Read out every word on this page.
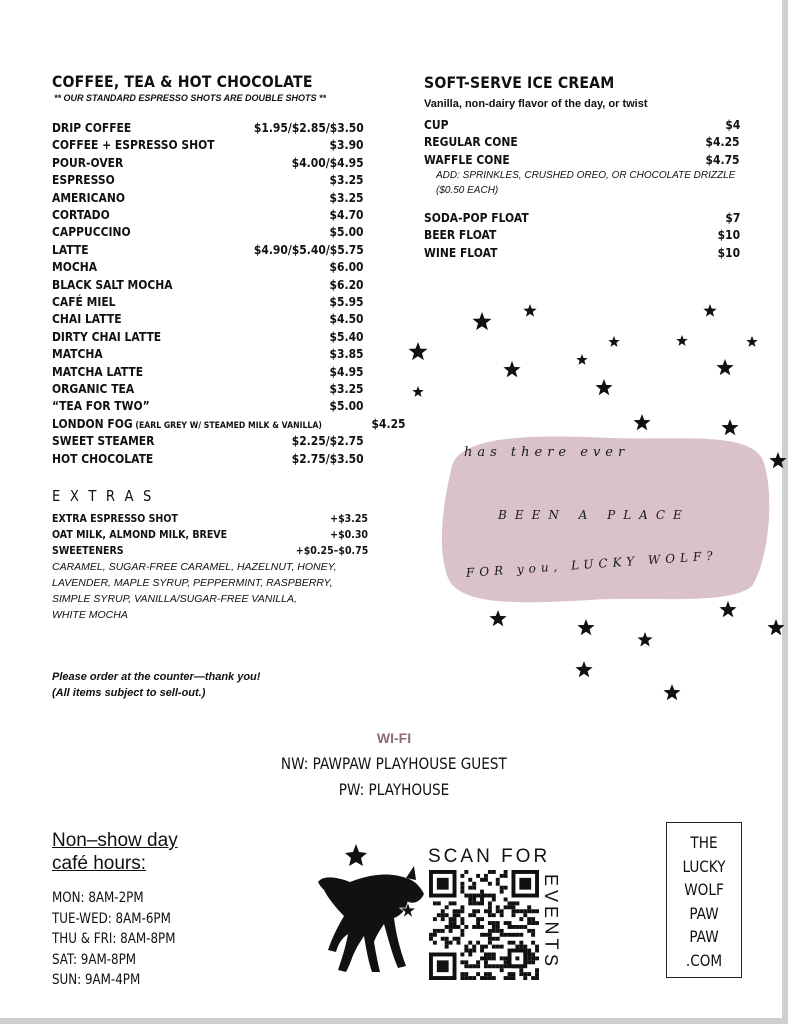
COFFEE, TEA & HOT CHOCOLATE
** OUR STANDARD ESPRESSO SHOTS ARE DOUBLE SHOTS **
DRIP COFFEE	$1.95/$2.85/$3.50
COFFEE + ESPRESSO SHOT	$3.90
POUR-OVER	$4.00/$4.95
ESPRESSO	$3.25
AMERICANO	$3.25
CORTADO	$4.70
CAPPUCCINO	$5.00
LATTE	$4.90/$5.40/$5.75
MOCHA	$6.00
BLACK SALT MOCHA	$6.20
CAFÉ MIEL	$5.95
CHAI LATTE	$4.50
DIRTY CHAI LATTE	$5.40
MATCHA	$3.85
MATCHA LATTE	$4.95
ORGANIC TEA	$3.25
“TEA FOR TWO”	$5.00
LONDON FOG (EARL GREY W/ STEAMED MILK & VANILLA)	$4.25
SWEET STEAMER	$2.25/$2.75
HOT CHOCOLATE	$2.75/$3.50
E X T R A S
EXTRA ESPRESSO SHOT	+$3.25
OAT MILK, ALMOND MILK, BREVE	+$0.30
SWEETENERS	+$0.25–$0.75
CARAMEL, SUGAR-FREE CARAMEL, HAZELNUT, HONEY,
LAVENDER, MAPLE SYRUP, PEPPERMINT, RASPBERRY,
SIMPLE SYRUP, VANILLA/SUGAR-FREE VANILLA,
WHITE MOCHA
Please order at the counter—thank you!
(All items subject to sell-out.)
SOFT-SERVE ICE CREAM
Vanilla, non-dairy flavor of the day, or twist
CUP	$4
REGULAR CONE	$4.25
WAFFLE CONE	$4.75
ADD: SPRINKLES, CRUSHED OREO, OR CHOCOLATE DRIZZLE
($0.50 EACH)
SODA-POP FLOAT	$7
BEER FLOAT	$10
WINE FLOAT	$10
has there ever
BEEN A PLACE
FOR you, LUCKY WOLF?
WI-FI
NW: PAWPAW PLAYHOUSE GUEST
PW: PLAYHOUSE
Non–show day
café hours:
MON: 8AM-2PM
TUE-WED: 8AM-6PM
THU & FRI: 8AM-8PM
SAT: 9AM-8PM
SUN: 9AM-4PM
SCAN FOR
E
V
E
N
T
S
THE
LUCKY
WOLF
PAW
PAW
.COM
